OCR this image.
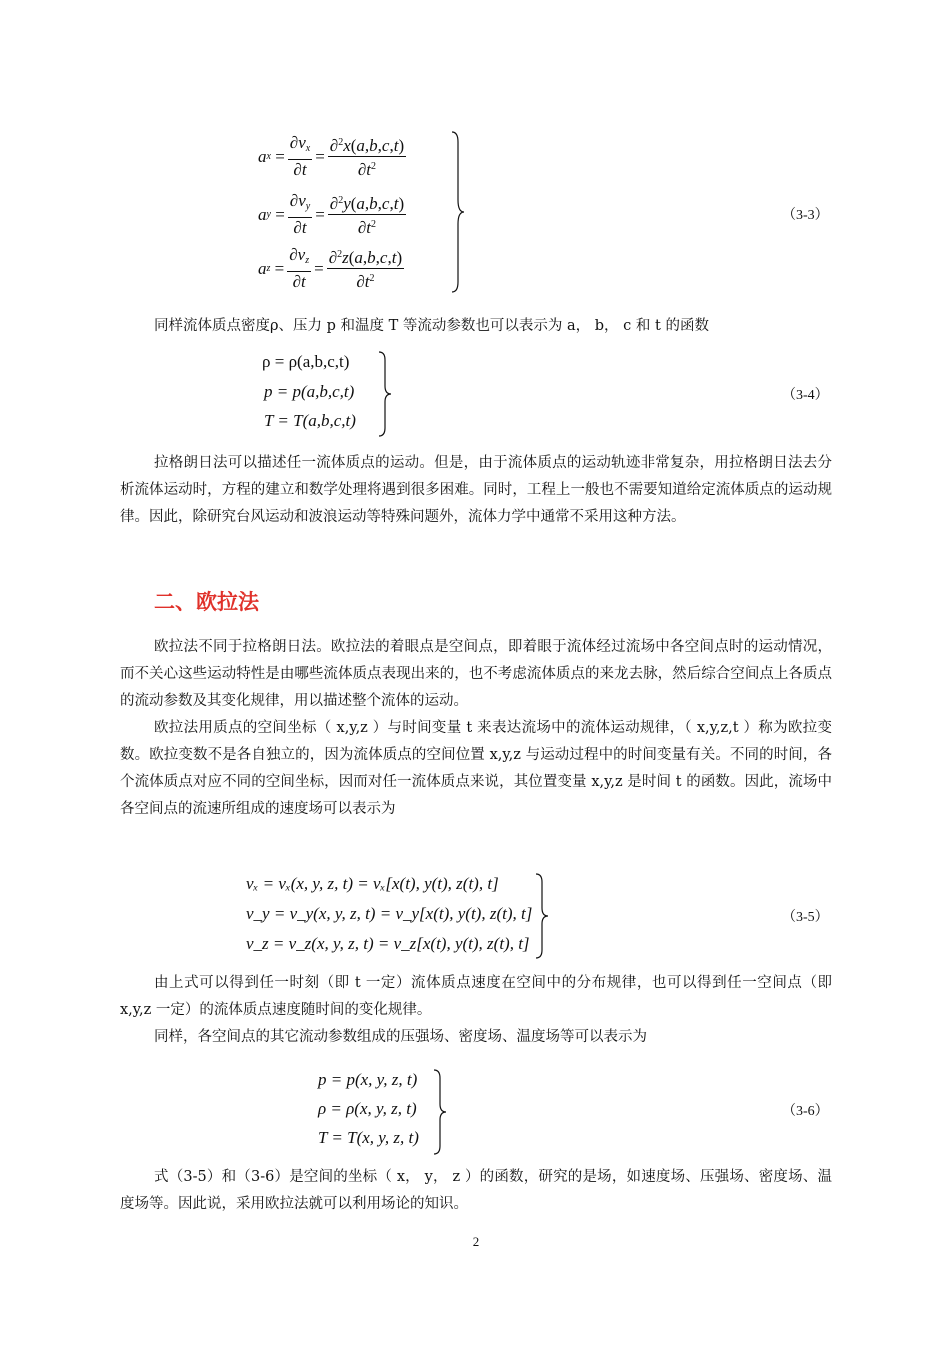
a $x = \frac{\partial v_x}{\partial t} = \frac{\partial^2x(a,b,c,t)}{\partial t^2}$
a $y = \frac{\partial v_y}{\partial t} = \frac{\partial^2y(a,b,c,t)}{\partial t^2}$
a $z = \frac{\partial v_z}{\partial t} = \frac{\partial^2z(a,b,c,t)}{\partial t^2}$
（3-3）

同样流体质点密度ρ、压力 p 和温度 T 等流动参数也可以表示为 a， b， c 和 t 的函数

ρ = ρ(a,b,c,t)
p = p(a,b,c,t)
T = T(a,b,c,t)
（3-4）

拉格朗日法可以描述任一流体质点的运动。但是，由于流体质点的运动轨迹非常复杂，用拉格朗日法去分析流体运动时，方程的建立和数学处理将遇到很多困难。同时，工程上一般也不需要知道给定流体质点的运动规律。因此，除研究台风运动和波浪运动等特殊问题外，流体力学中通常不采用这种方法。

二、欧拉法

欧拉法不同于拉格朗日法。欧拉法的着眼点是空间点，即着眼于流体经过流场中各空间点时的运动情况，而不关心这些运动特性是由哪些流体质点表现出来的，也不考虑流体质点的来龙去脉，然后综合空间点上各质点的流动参数及其变化规律，用以描述整个流体的运动。

欧拉法用质点的空间坐标（ x,y,z ）与时间变量 t 来表达流场中的流体运动规律，（ x,y,z,t ）称为欧拉变数。欧拉变数不是各自独立的，因为流体质点的空间位置 x,y,z 与运动过程中的时间变量有关。不同的时间，各个流体质点对应不同的空间坐标，因而对任一流体质点来说，其位置变量 x,y,z 是时间 t 的函数。因此，流场中各空间点的流速所组成的速度场可以表示为

vₓ = vₓ(x, y, z, t) = vₓ[x(t), y(t), z(t), t]
v_y = v_y(x, y, z, t) = v_y[x(t), y(t), z(t), t]
v_z = v_z(x, y, z, t) = v_z[x(t), y(t), z(t), t]
（3-5）

由上式可以得到任一时刻（即 t 一定）流体质点速度在空间中的分布规律，也可以得到任一空间点（即 x,y,z 一定）的流体质点速度随时间的变化规律。

同样，各空间点的其它流动参数组成的压强场、密度场、温度场等可以表示为

p = p(x, y, z, t)
ρ = ρ(x, y, z, t)
T = T(x, y, z, t)
（3-6）

式（3-5）和（3-6）是空间的坐标（ x， y， z ）的函数，研究的是场，如速度场、压强场、密度场、温度场等。因此说，采用欧拉法就可以利用场论的知识。

2
